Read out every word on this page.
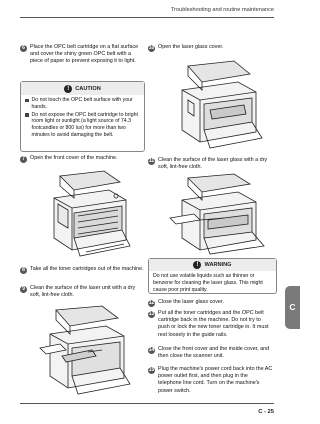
Troubleshooting and routine maintenance
6 Place the OPC belt cartridge on a flat surface and cover the shiny green OPC belt with a piece of paper to prevent exposing it to light.
!	CAUTION
Do not touch the OPC belt surface with your hands.
Do not expose the OPC belt cartridge to bright room light or sunlight (a light source of 74.3 footcandles or 800 lux) for more than two minutes to avoid damaging the belt.
7 Open the front cover of the machine.
8 Take all the toner cartridges out of the machine.
9 Clean the surface of the laser unit with a dry soft, lint-free cloth.
10 Open the laser glass cover.
11 Clean the surface of the laser glass with a dry soft, lint-free cloth.
!	WARNING
Do not use volatile liquids such as thinner or benzene for cleaning the laser glass. This might cause poor print quality.
12 Close the laser glass cover.
13 Put all the toner cartridges and the OPC belt cartridge back in the machine. Do not try to push or lock the new toner cartridge in. It must rest loosely in the guide rails.
14 Close the front cover and the inside cover, and then close the scanner unit.
15 Plug the machine's power cord back into the AC power outlet first, and then plug in the telephone line cord. Turn on the machine's power switch.
C
C - 25
